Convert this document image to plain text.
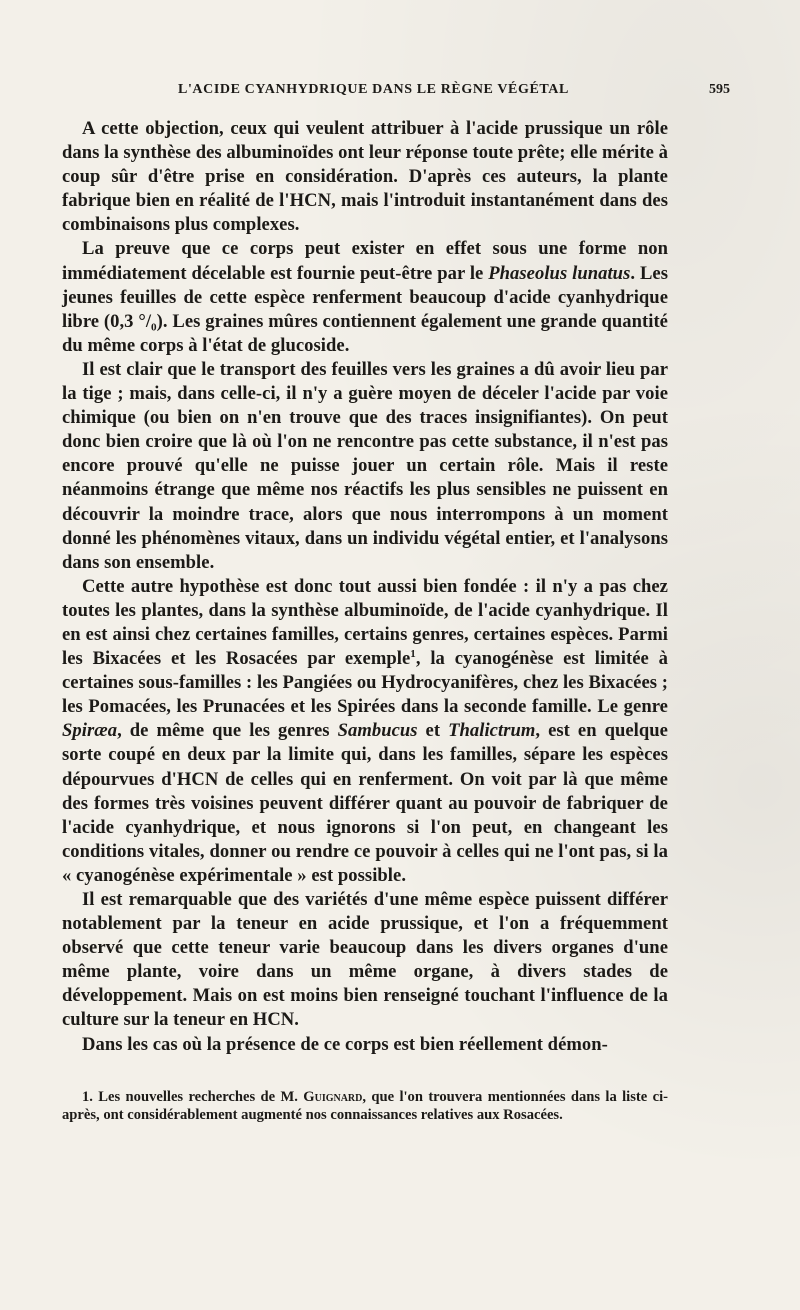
L'ACIDE CYANHYDRIQUE DANS LE RÈGNE VÉGÉTAL	595

A cette objection, ceux qui veulent attribuer à l'acide prussique un rôle dans la synthèse des albuminoïdes ont leur réponse toute prête; elle mérite à coup sûr d'être prise en considération. D'après ces auteurs, la plante fabrique bien en réalité de l'HCN, mais l'introduit instantanément dans des combinaisons plus complexes.

La preuve que ce corps peut exister en effet sous une forme non immédiatement décelable est fournie peut-être par le Phaseolus lunatus. Les jeunes feuilles de cette espèce renferment beaucoup d'acide cyanhydrique libre (0,3 °/₀). Les graines mûres contiennent également une grande quantité du même corps à l'état de glucoside.

Il est clair que le transport des feuilles vers les graines a dû avoir lieu par la tige ; mais, dans celle-ci, il n'y a guère moyen de déceler l'acide par voie chimique (ou bien on n'en trouve que des traces insignifiantes). On peut donc bien croire que là où l'on ne rencontre pas cette substance, il n'est pas encore prouvé qu'elle ne puisse jouer un certain rôle. Mais il reste néanmoins étrange que même nos réactifs les plus sensibles ne puissent en découvrir la moindre trace, alors que nous interrompons à un moment donné les phénomènes vitaux, dans un individu végétal entier, et l'analysons dans son ensemble.

Cette autre hypothèse est donc tout aussi bien fondée : il n'y a pas chez toutes les plantes, dans la synthèse albuminoïde, de l'acide cyanhydrique. Il en est ainsi chez certaines familles, certains genres, certaines espèces. Parmi les Bixacées et les Rosacées par exemple$^1$, la cyanogénèse est limitée à certaines sous-familles : les Pangiées ou Hydrocyanifères, chez les Bixacées ; les Pomacées, les Prunacées et les Spirées dans la seconde famille. Le genre Spiræa, de même que les genres Sambucus et Thalictrum, est en quelque sorte coupé en deux par la limite qui, dans les familles, sépare les espèces dépourvues d'HCN de celles qui en renferment. On voit par là que même des formes très voisines peuvent différer quant au pouvoir de fabriquer de l'acide cyanhydrique, et nous ignorons si l'on peut, en changeant les conditions vitales, donner ou rendre ce pouvoir à celles qui ne l'ont pas, si la « cyanogénèse expérimentale » est possible.

Il est remarquable que des variétés d'une même espèce puissent différer notablement par la teneur en acide prussique, et l'on a fréquemment observé que cette teneur varie beaucoup dans les divers organes d'une même plante, voire dans un même organe, à divers stades de développement. Mais on est moins bien renseigné touchant l'influence de la culture sur la teneur en HCN.

Dans les cas où la présence de ce corps est bien réellement démon-

1. Les nouvelles recherches de M. Guignard, que l'on trouvera mentionnées dans la liste ci-après, ont considérablement augmenté nos connaissances relatives aux Rosacées.
